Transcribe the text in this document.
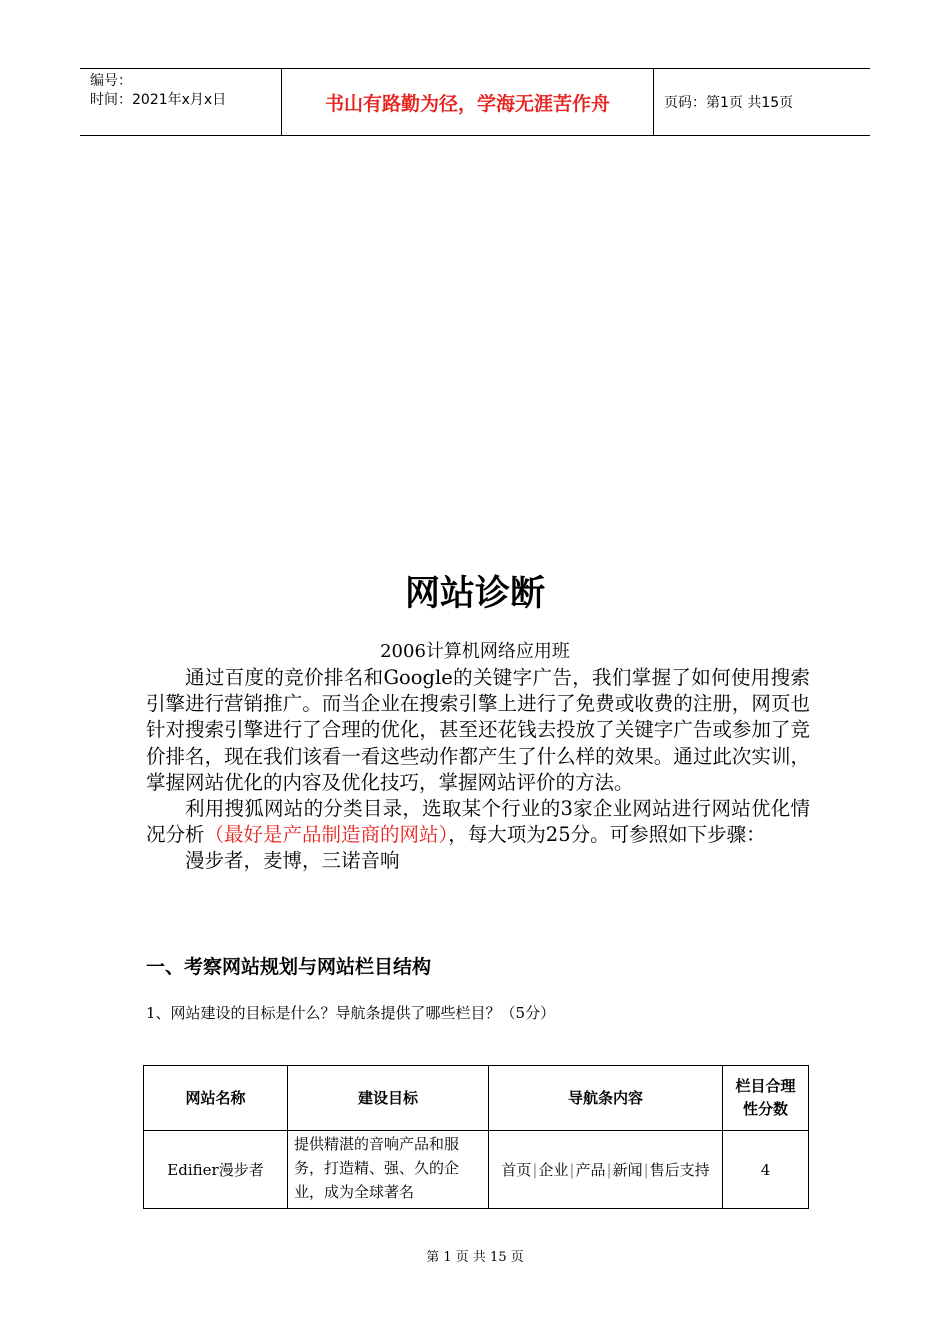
编号：
时间：2021年x月x日	书山有路勤为径，学海无涯苦作舟	页码：第1页 共15页
网站诊断
2006计算机网络应用班

通过百度的竞价排名和Google的关键字广告，我们掌握了如何使用搜索引擎进行营销推广。而当企业在搜索引擎上进行了免费或收费的注册，网页也针对搜索引擎进行了合理的优化，甚至还花钱去投放了关键字广告或参加了竞价排名，现在我们该看一看这些动作都产生了什么样的效果。通过此次实训，掌握网站优化的内容及优化技巧，掌握网站评价的方法。

利用搜狐网站的分类目录，选取某个行业的3家企业网站进行网站优化情况分析（最好是产品制造商的网站），每大项为25分。可参照如下步骤：

漫步者，麦博，三诺音响

一、考察网站规划与网站栏目结构
1、网站建设的目标是什么？导航条提供了哪些栏目？（5分）
网站名称	建设目标	导航条内容	栏目合理性分数
Edifier漫步者	提供精湛的音响产品和服务，打造精、强、久的企业，成为全球著名	首页|企业|产品|新闻|售后支持	4
第 1 页 共 15 页
